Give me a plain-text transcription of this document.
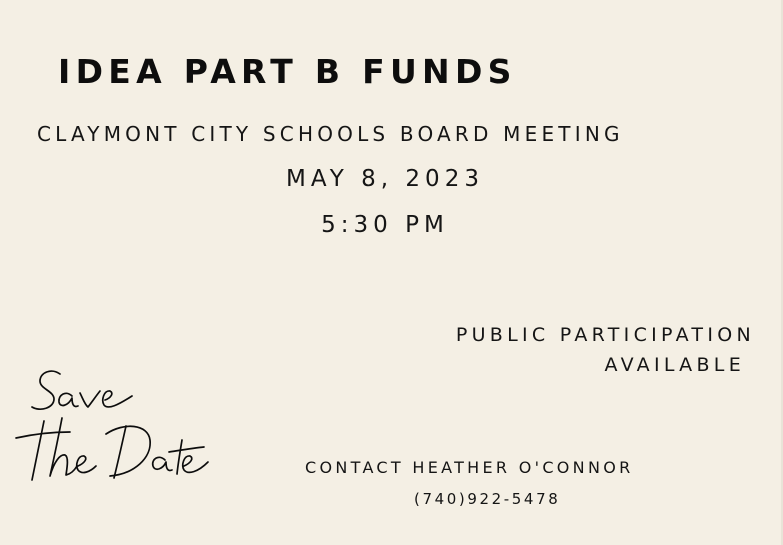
IDEA PART B FUNDS
CLAYMONT CITY SCHOOLS BOARD MEETING
MAY 8, 2023
5:30 PM
PUBLIC PARTICIPATION
AVAILABLE
CONTACT HEATHER O'CONNOR
(740)922-5478
